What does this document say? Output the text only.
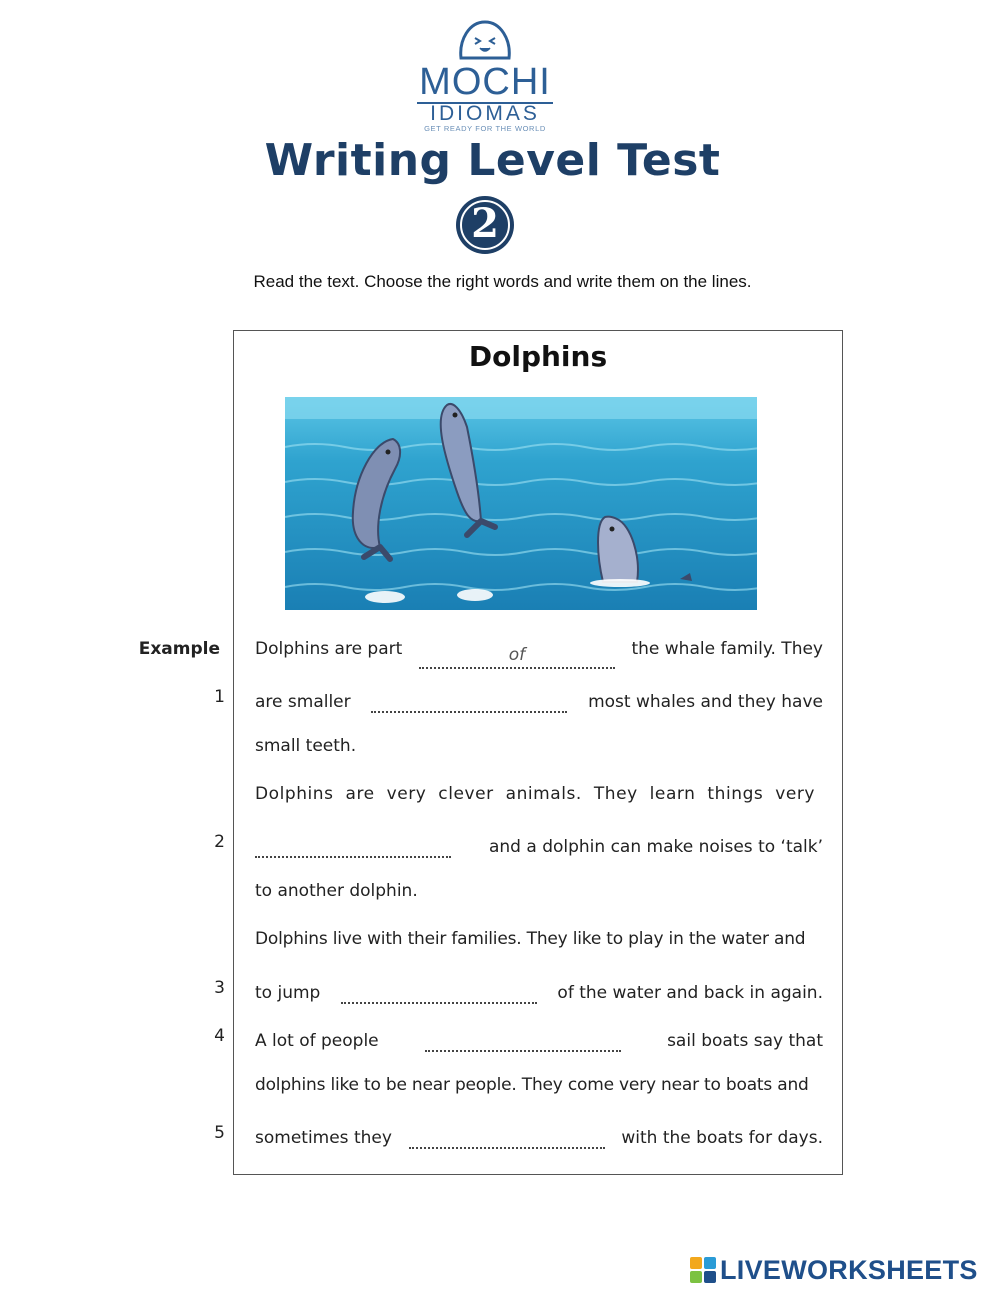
MOCHI
IDIOMAS
GET READY FOR THE WORLD
Writing Level Test
2
Read the text. Choose the right words and write them on the lines.
Dolphins
Example
1
2
3
4
5
Dolphins are part	of	the whale family. They
are smaller	most whales and they have
small teeth.
Dolphins are very clever animals. They learn things very
and a dolphin can make noises to ‘talk’
to another dolphin.
Dolphins live with their families. They like to play in the water and
to jump	of the water and back in again.
A lot of people	sail boats say that
dolphins like to be near people. They come very near to boats and
sometimes they	with the boats for days.
LIVEWORKSHEETS
